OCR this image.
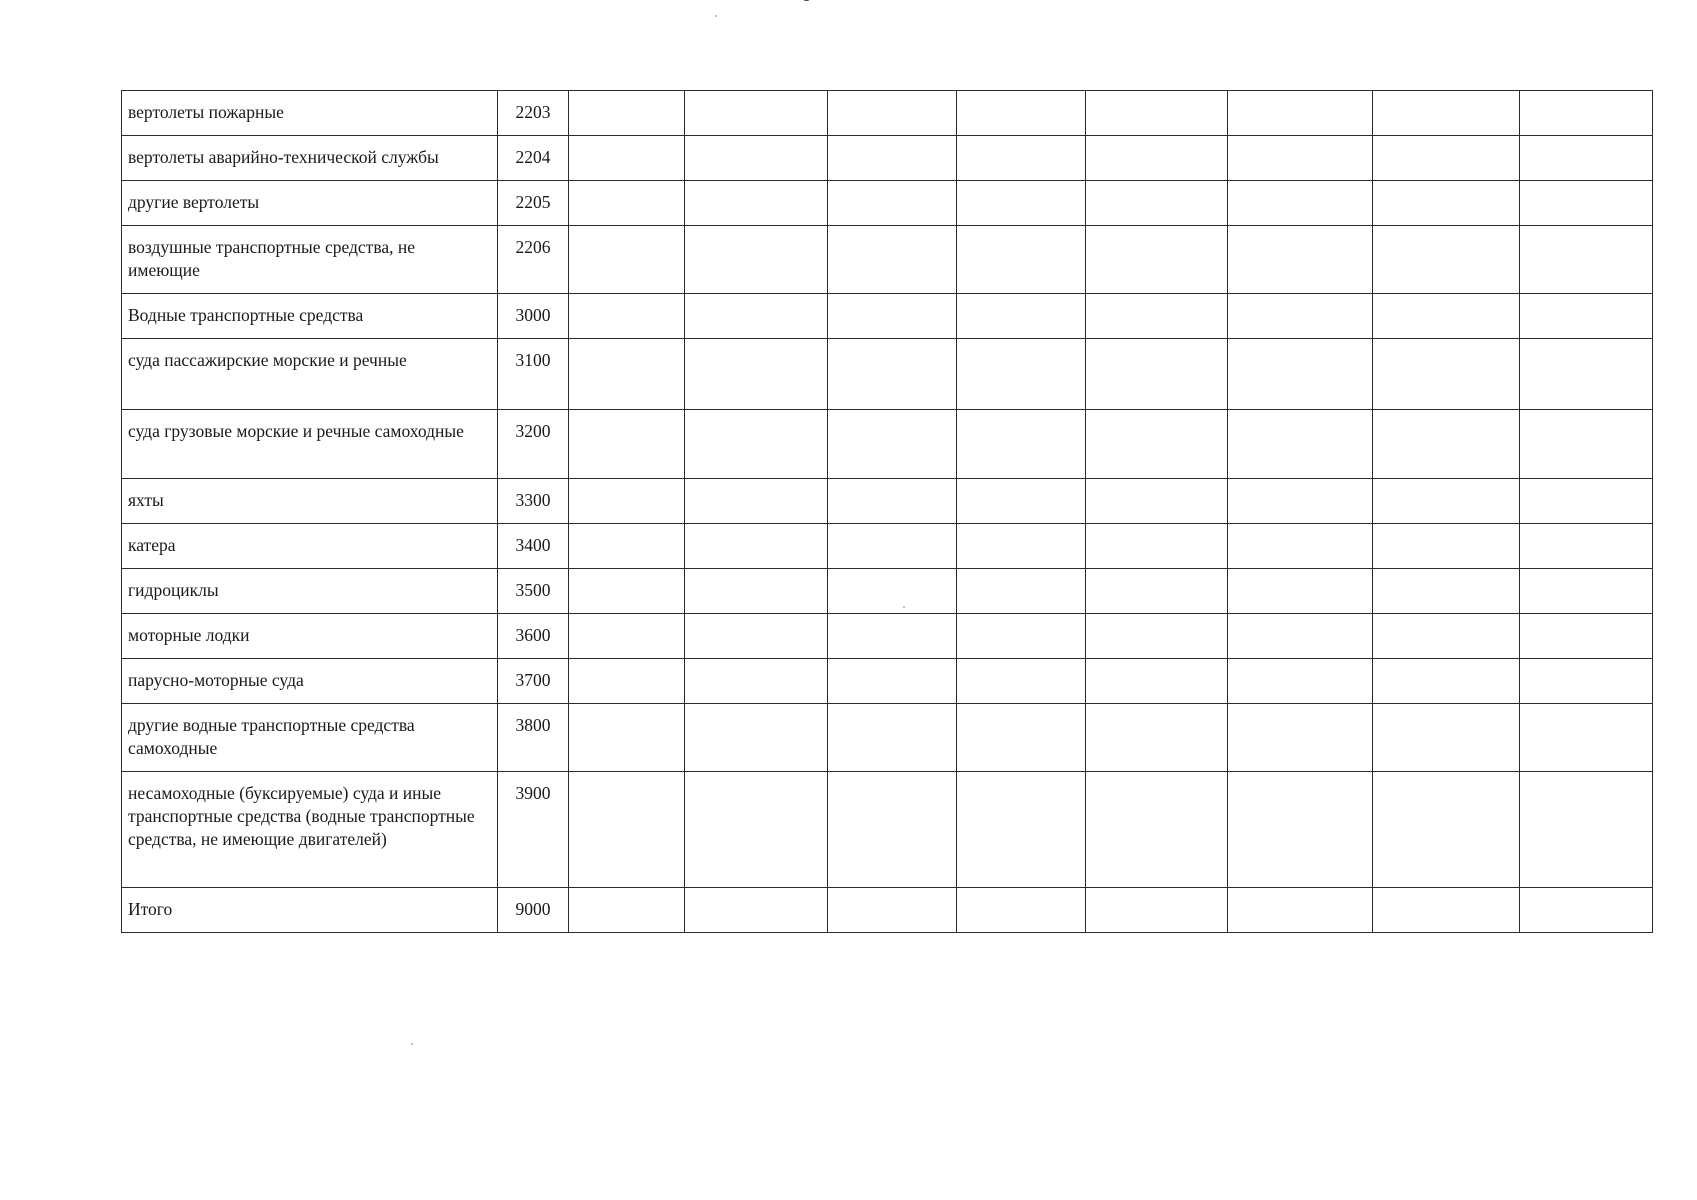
вертолеты пожарные	2203								
вертолеты аварийно-технической службы	2204								
другие вертолеты	2205								
воздушные транспортные средства, не имеющие	2206								
Водные транспортные средства	3000								
суда пассажирские морские и речные	3100								
суда грузовые морские и речные самоходные	3200								
яхты	3300								
катера	3400								
гидроциклы	3500								
моторные лодки	3600								
парусно-моторные суда	3700								
другие водные транспортные средства самоходные	3800								
несамоходные (буксируемые) суда и иные транспортные средства (водные транспортные средства, не имеющие двигателей)	3900								
Итого	9000								
